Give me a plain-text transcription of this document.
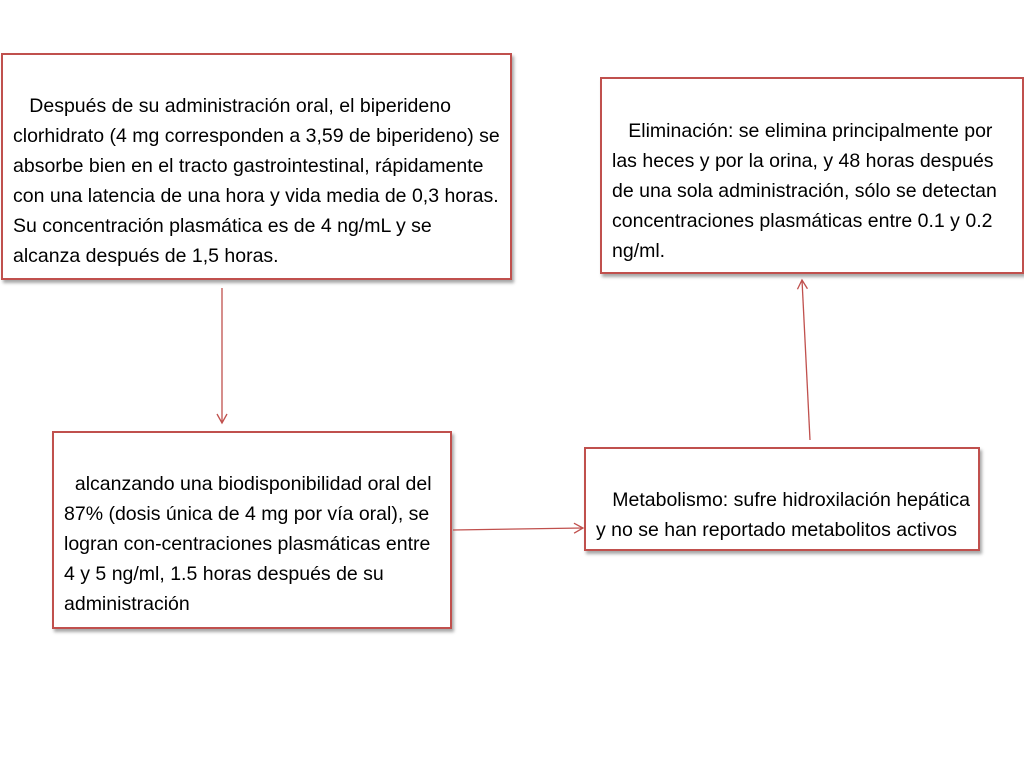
Después de su administración oral, el biperideno clorhidrato (4 mg corresponden a 3,59 de biperideno) se absorbe bien en el tracto gastrointestinal, rápidamente con una latencia de una hora y vida media de 0,3 horas. Su concentración plasmática es de 4 ng/mL y se alcanza después de 1,5 horas.

Eliminación: se elimina principalmente por las heces y por la orina, y 48 horas después de una sola administración, sólo se detectan concentraciones plasmáticas entre 0.1 y 0.2 ng/ml.

alcanzando una biodisponibilidad oral del 87% (dosis única de 4 mg por vía oral), se logran con-centraciones plasmáticas entre 4 y 5 ng/ml, 1.5 horas después de su administración

Metabolismo: sufre hidroxilación hepática y no se han reportado metabolitos activos
